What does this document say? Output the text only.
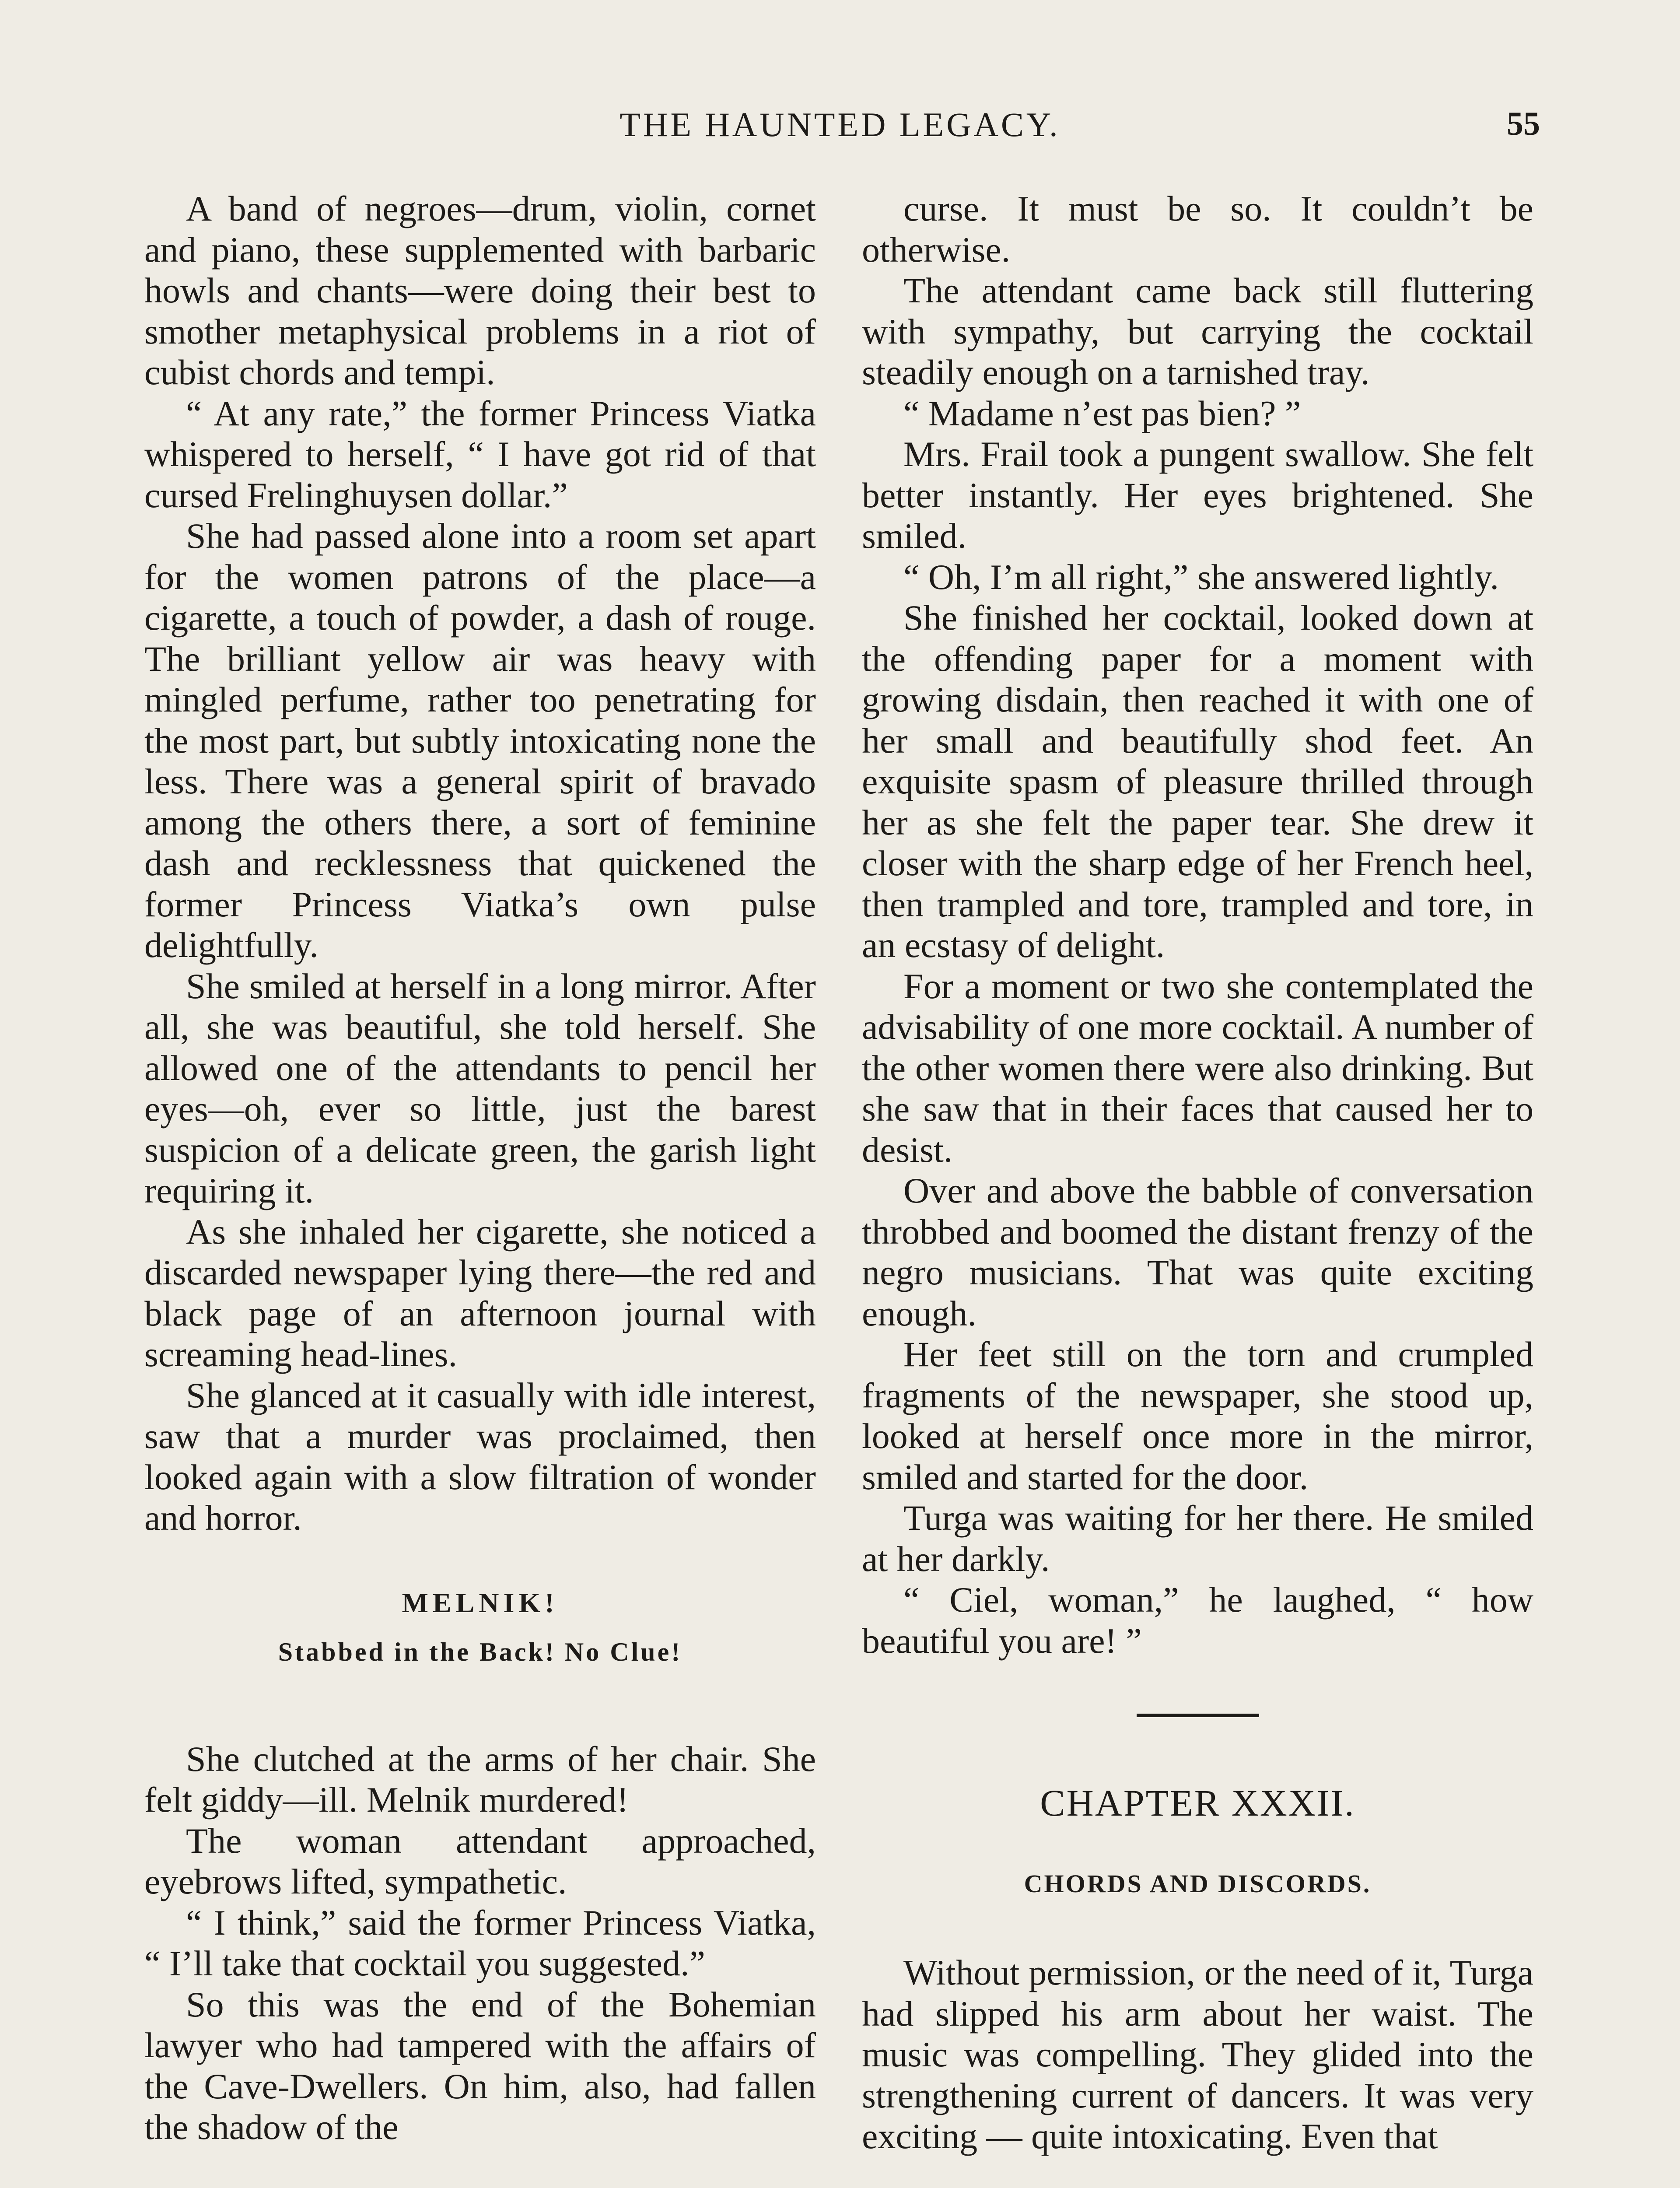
THE HAUNTED LEGACY.	55

A band of negroes—drum, violin, cornet and piano, these supplemented with barbaric howls and chants—were doing their best to smother metaphysical problems in a riot of cubist chords and tempi.

“ At any rate,” the former Princess Viatka whispered to herself, “ I have got rid of that cursed Frelinghuysen dollar.”

She had passed alone into a room set apart for the women patrons of the place—a cigarette, a touch of powder, a dash of rouge. The brilliant yellow air was heavy with mingled perfume, rather too penetrating for the most part, but subtly intoxicating none the less. There was a general spirit of bravado among the others there, a sort of feminine dash and recklessness that quickened the former Princess Viatka’s own pulse delightfully.

She smiled at herself in a long mirror. After all, she was beautiful, she told herself. She allowed one of the attendants to pencil her eyes—oh, ever so little, just the barest suspicion of a delicate green, the garish light requiring it.

As she inhaled her cigarette, she noticed a discarded newspaper lying there—the red and black page of an afternoon journal with screaming head-lines.

She glanced at it casually with idle interest, saw that a murder was proclaimed, then looked again with a slow filtration of wonder and horror.

MELNIK!
Stabbed in the Back! No Clue!

She clutched at the arms of her chair. She felt giddy—ill. Melnik murdered!

The woman attendant approached, eyebrows lifted, sympathetic.

“ I think,” said the former Princess Viatka, “ I’ll take that cocktail you suggested.”

So this was the end of the Bohemian lawyer who had tampered with the affairs of the Cave-Dwellers. On him, also, had fallen the shadow of the

curse. It must be so. It couldn’t be otherwise.

The attendant came back still fluttering with sympathy, but carrying the cocktail steadily enough on a tarnished tray.

“ Madame n’est pas bien? ”

Mrs. Frail took a pungent swallow. She felt better instantly. Her eyes brightened. She smiled.

“ Oh, I’m all right,” she answered lightly.

She finished her cocktail, looked down at the offending paper for a moment with growing disdain, then reached it with one of her small and beautifully shod feet. An exquisite spasm of pleasure thrilled through her as she felt the paper tear. She drew it closer with the sharp edge of her French heel, then trampled and tore, trampled and tore, in an ecstasy of delight.

For a moment or two she contemplated the advisability of one more cocktail. A number of the other women there were also drinking. But she saw that in their faces that caused her to desist.

Over and above the babble of conversation throbbed and boomed the distant frenzy of the negro musicians. That was quite exciting enough.

Her feet still on the torn and crumpled fragments of the newspaper, she stood up, looked at herself once more in the mirror, smiled and started for the door.

Turga was waiting for her there. He smiled at her darkly.

“ Ciel, woman,” he laughed, “ how beautiful you are! ”

CHAPTER XXXII.
CHORDS AND DISCORDS.

Without permission, or the need of it, Turga had slipped his arm about her waist. The music was compelling. They glided into the strengthening current of dancers. It was very exciting — quite intoxicating. Even that
